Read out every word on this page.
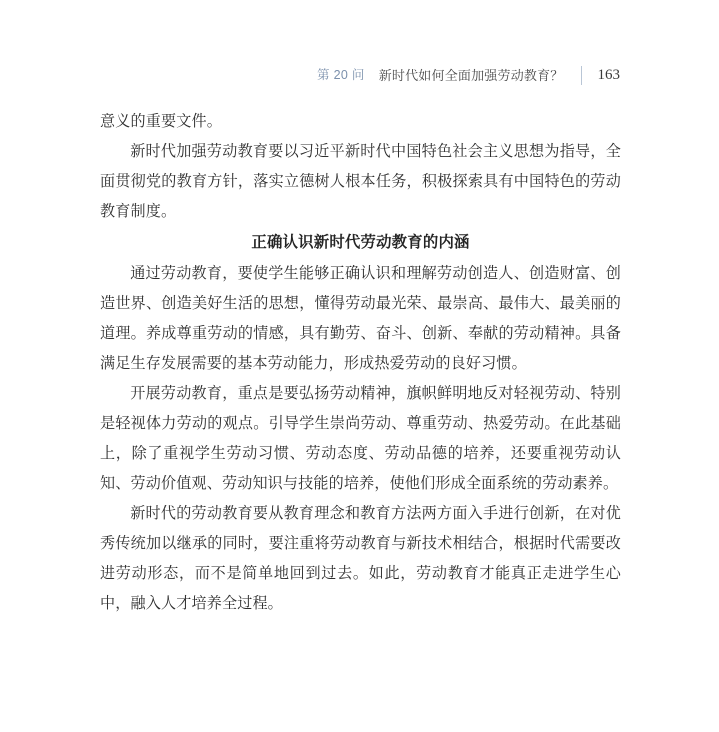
第 20 问 新时代如何全面加强劳动教育？ 163

意义的重要文件。

新时代加强劳动教育要以习近平新时代中国特色社会主义思想为指导，全面贯彻党的教育方针，落实立德树人根本任务，积极探索具有中国特色的劳动教育制度。

正确认识新时代劳动教育的内涵

通过劳动教育，要使学生能够正确认识和理解劳动创造人、创造财富、创造世界、创造美好生活的思想，懂得劳动最光荣、最崇高、最伟大、最美丽的道理。养成尊重劳动的情感，具有勤劳、奋斗、创新、奉献的劳动精神。具备满足生存发展需要的基本劳动能力，形成热爱劳动的良好习惯。

开展劳动教育，重点是要弘扬劳动精神，旗帜鲜明地反对轻视劳动、特别是轻视体力劳动的观点。引导学生崇尚劳动、尊重劳动、热爱劳动。在此基础上，除了重视学生劳动习惯、劳动态度、劳动品德的培养，还要重视劳动认知、劳动价值观、劳动知识与技能的培养，使他们形成全面系统的劳动素养。

新时代的劳动教育要从教育理念和教育方法两方面入手进行创新，在对优秀传统加以继承的同时，要注重将劳动教育与新技术相结合，根据时代需要改进劳动形态，而不是简单地回到过去。如此，劳动教育才能真正走进学生心中，融入人才培养全过程。
